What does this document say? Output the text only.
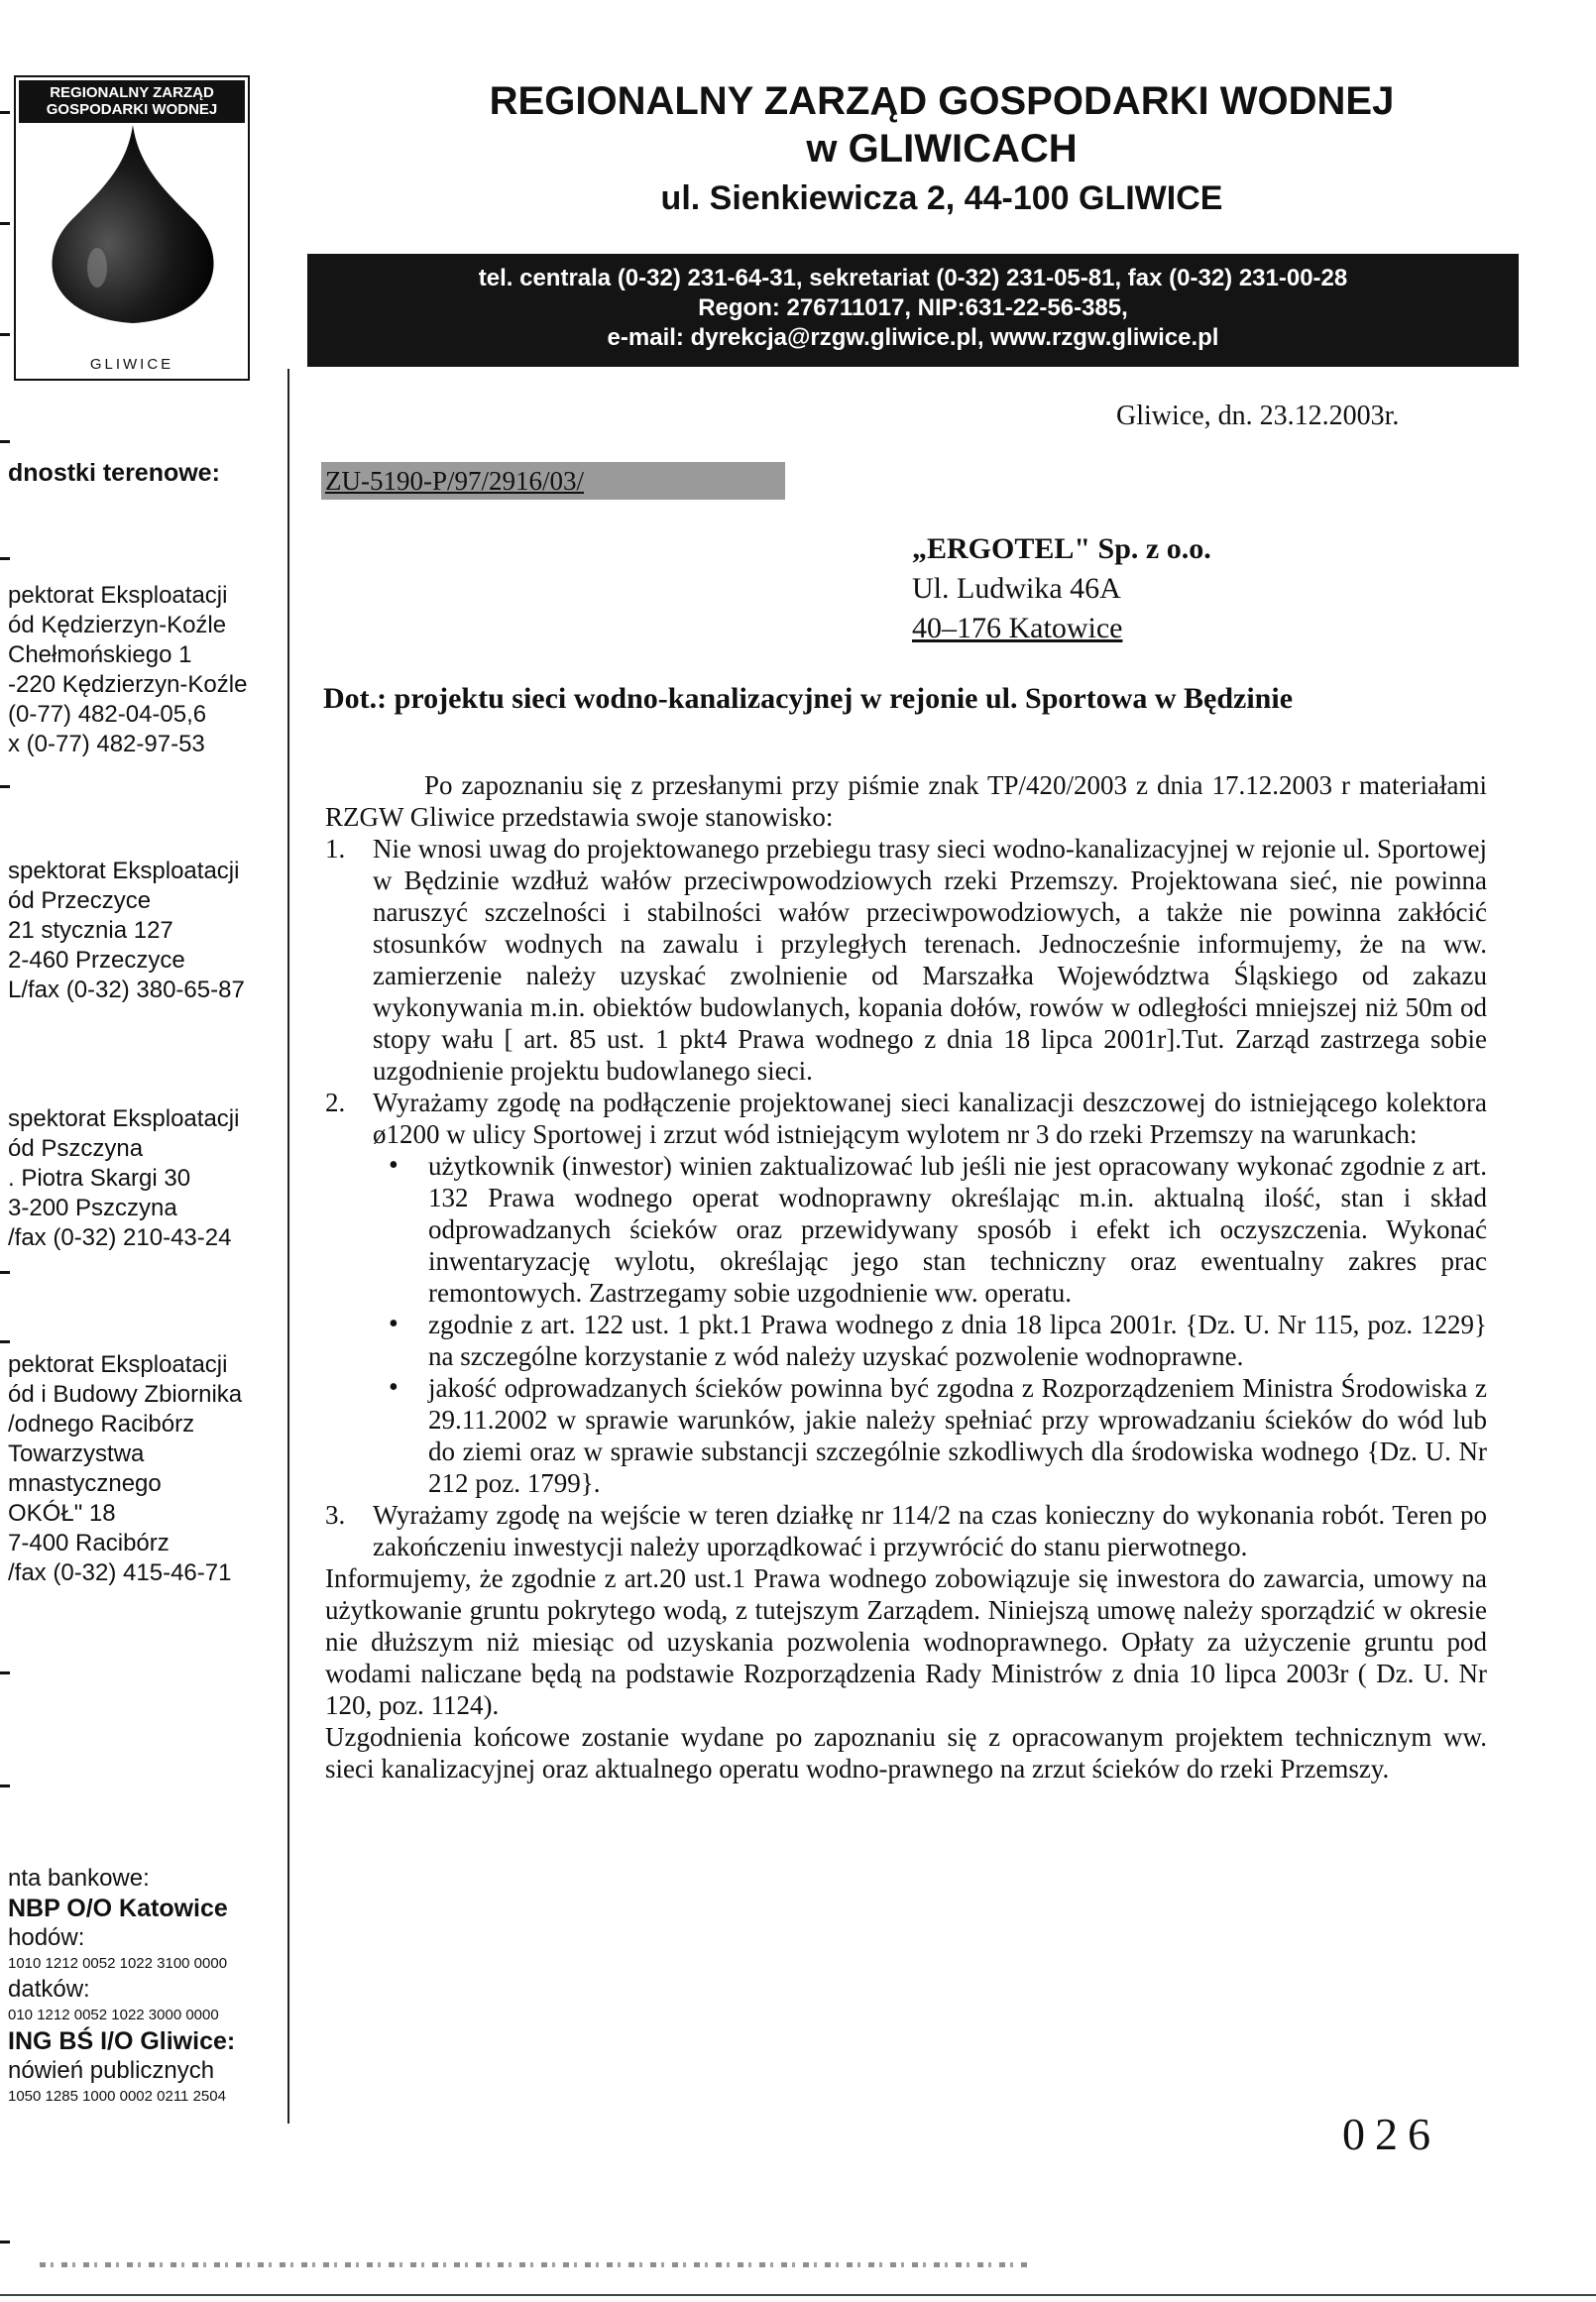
REGIONALNY ZARZĄD
GOSPODARKI WODNEJ
GLIWICE
REGIONALNY ZARZĄD GOSPODARKI WODNEJ
w GLIWICACH
ul. Sienkiewicza 2, 44-100 GLIWICE
tel. centrala (0-32) 231-64-31, sekretariat (0-32) 231-05-81, fax (0-32) 231-00-28
Regon: 276711017, NIP:631-22-56-385,
e-mail: dyrekcja@rzgw.gliwice.pl, www.rzgw.gliwice.pl
dnostki terenowe:
pektorat Eksploatacji
ód Kędzierzyn-Koźle
Chełmońskiego 1
-220 Kędzierzyn-Koźle
(0-77) 482-04-05,6
x (0-77) 482-97-53
spektorat Eksploatacji
ód Przeczyce
21 stycznia 127
2-460 Przeczyce
L/fax (0-32) 380-65-87
spektorat Eksploatacji
ód Pszczyna
. Piotra Skargi 30
3-200 Pszczyna
/fax (0-32) 210-43-24
pektorat Eksploatacji
ód i Budowy Zbiornika
/odnego Racibórz
Towarzystwa
mnastycznego
OKÓŁ" 18
7-400 Racibórz
/fax (0-32) 415-46-71
nta bankowe:
NBP O/O Katowice
hodów:
1010 1212 0052 1022 3100 0000
datków:
010 1212 0052 1022 3000 0000
ING BŚ I/O Gliwice:
nówień publicznych
1050 1285 1000 0002 0211 2504
Gliwice, dn. 23.12.2003r.
ZU-5190-P/97/2916/03/
„ERGOTEL" Sp. z o.o.
Ul. Ludwika 46A
40–176 Katowice
Dot.: projektu sieci wodno-kanalizacyjnej w rejonie ul. Sportowa w Będzinie

Po zapoznaniu się z przesłanymi przy piśmie znak TP/420/2003 z dnia 17.12.2003 r materiałami RZGW Gliwice przedstawia swoje stanowisko:

1. Nie wnosi uwag do projektowanego przebiegu trasy sieci wodno-kanalizacyjnej w rejonie ul. Sportowej w Będzinie wzdłuż wałów przeciwpowodziowych rzeki Przemszy. Projektowana sieć, nie powinna naruszyć szczelności i stabilności wałów przeciwpowodziowych, a także nie powinna zakłócić stosunków wodnych na zawalu i przyległych terenach. Jednocześnie informujemy, że na ww. zamierzenie należy uzyskać zwolnienie od Marszałka Województwa Śląskiego od zakazu wykonywania m.in. obiektów budowlanych, kopania dołów, rowów w odległości mniejszej niż 50m od stopy wału [ art. 85 ust. 1 pkt4 Prawa wodnego z dnia 18 lipca 2001r].Tut. Zarząd zastrzega sobie uzgodnienie projektu budowlanego sieci.
2. Wyrażamy zgodę na podłączenie projektowanej sieci kanalizacji deszczowej do istniejącego kolektora ø1200 w ulicy Sportowej i zrzut wód istniejącym wylotem nr 3 do rzeki Przemszy na warunkach:
• użytkownik (inwestor) winien zaktualizować lub jeśli nie jest opracowany wykonać zgodnie z art. 132 Prawa wodnego operat wodnoprawny określając m.in. aktualną ilość, stan i skład odprowadzanych ścieków oraz przewidywany sposób i efekt ich oczyszczenia. Wykonać inwentaryzację wylotu, określając jego stan techniczny oraz ewentualny zakres prac remontowych. Zastrzegamy sobie uzgodnienie ww. operatu.
• zgodnie z art. 122 ust. 1 pkt.1 Prawa wodnego z dnia 18 lipca 2001r. {Dz. U. Nr 115, poz. 1229} na szczególne korzystanie z wód należy uzyskać pozwolenie wodnoprawne.
• jakość odprowadzanych ścieków powinna być zgodna z Rozporządzeniem Ministra Środowiska z 29.11.2002 w sprawie warunków, jakie należy spełniać przy wprowadzaniu ścieków do wód lub do ziemi oraz w sprawie substancji szczególnie szkodliwych dla środowiska wodnego {Dz. U. Nr 212 poz. 1799}.
3. Wyrażamy zgodę na wejście w teren działkę nr 114/2 na czas konieczny do wykonania robót. Teren po zakończeniu inwestycji należy uporządkować i przywrócić do stanu pierwotnego.

Informujemy, że zgodnie z art.20 ust.1 Prawa wodnego zobowiązuje się inwestora do zawarcia, umowy na użytkowanie gruntu pokrytego wodą, z tutejszym Zarządem. Niniejszą umowę należy sporządzić w okresie nie dłuższym niż miesiąc od uzyskania pozwolenia wodnoprawnego. Opłaty za użyczenie gruntu pod wodami naliczane będą na podstawie Rozporządzenia Rady Ministrów z dnia 10 lipca 2003r ( Dz. U. Nr 120, poz. 1124).

Uzgodnienia końcowe zostanie wydane po zapoznaniu się z opracowanym projektem technicznym ww. sieci kanalizacyjnej oraz aktualnego operatu wodno-prawnego na zrzut ścieków do rzeki Przemszy.

026
